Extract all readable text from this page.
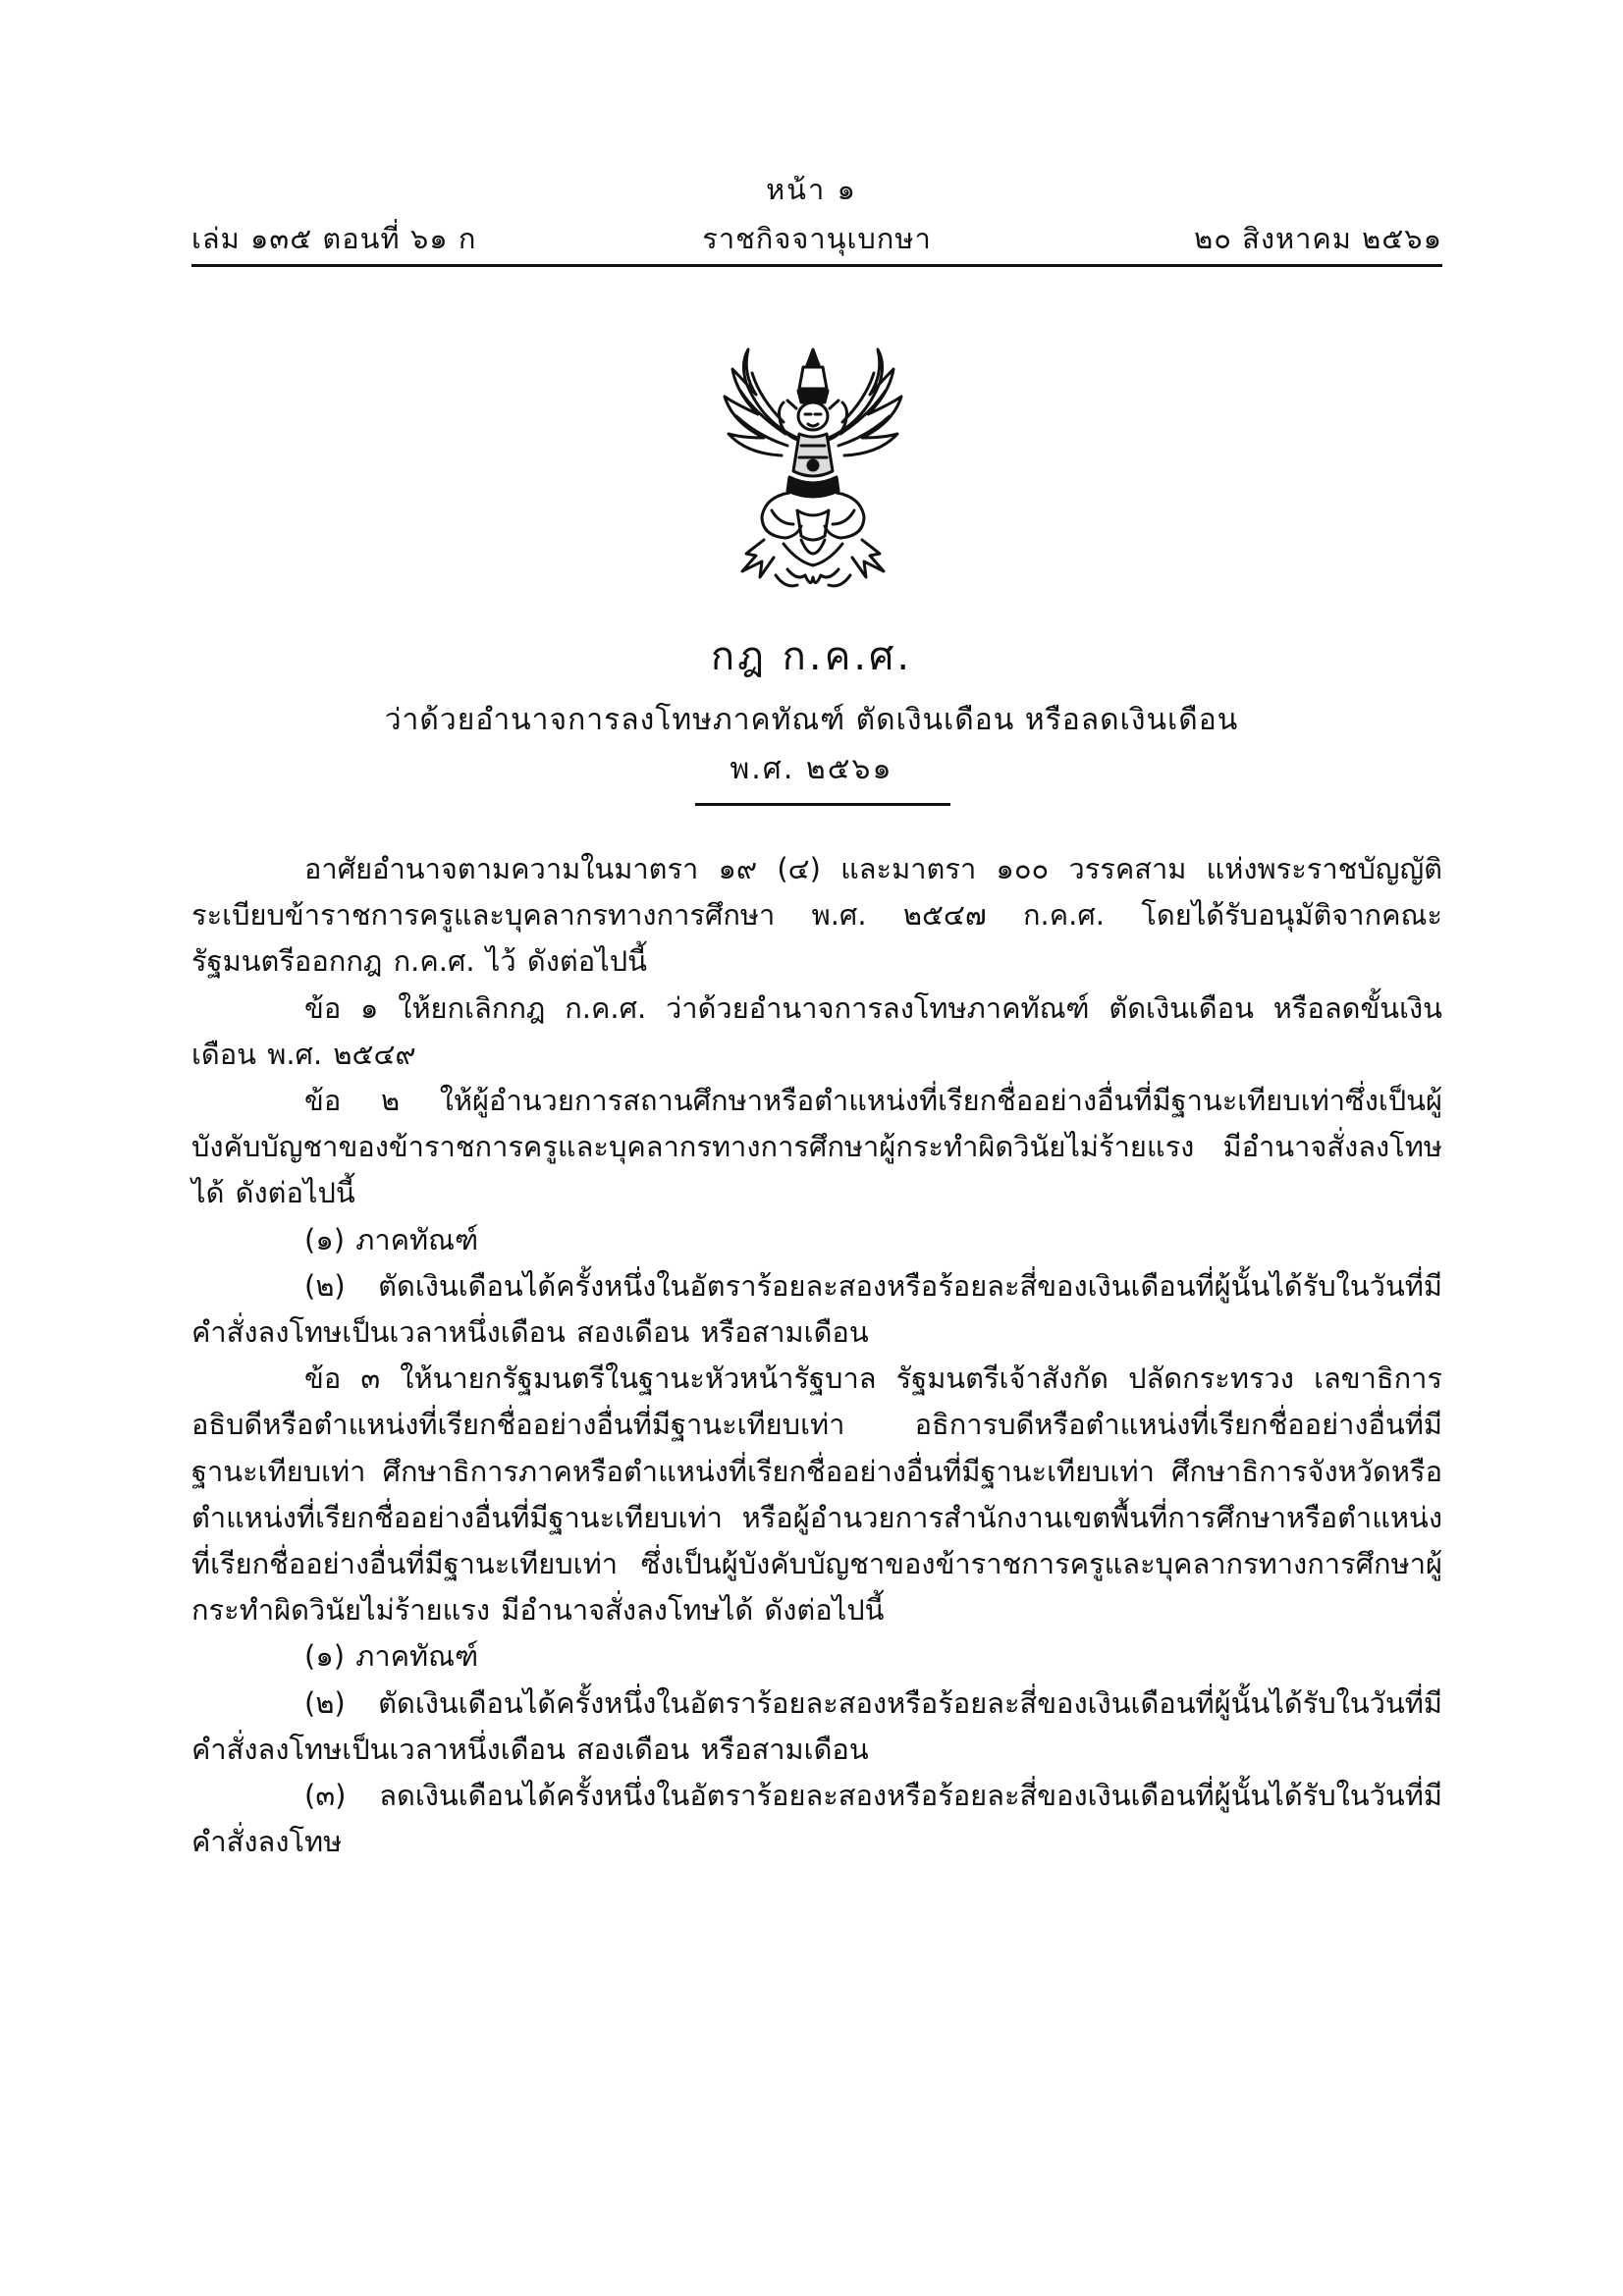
หน้า ๑
เล่ม ๑๓๕ ตอนที่ ๖๑ ก	ราชกิจจานุเบกษา	๒๐ สิงหาคม ๒๕๖๑
กฎ ก.ค.ศ.
ว่าด้วยอำนาจการลงโทษภาคทัณฑ์ ตัดเงินเดือน หรือลดเงินเดือน
พ.ศ. ๒๕๖๑

อาศัยอำนาจตามความในมาตรา ๑๙ (๔) และมาตรา ๑๐๐ วรรคสาม แห่งพระราชบัญญัติระเบียบข้าราชการครูและบุคลากรทางการศึกษา พ.ศ. ๒๕๔๗ ก.ค.ศ. โดยได้รับอนุมัติจากคณะรัฐมนตรีออกกฎ ก.ค.ศ. ไว้ ดังต่อไปนี้

ข้อ ๑ ให้ยกเลิกกฎ ก.ค.ศ. ว่าด้วยอำนาจการลงโทษภาคทัณฑ์ ตัดเงินเดือน หรือลดขั้นเงินเดือน พ.ศ. ๒๕๔๙

ข้อ ๒ ให้ผู้อำนวยการสถานศึกษาหรือตำแหน่งที่เรียกชื่ออย่างอื่นที่มีฐานะเทียบเท่าซึ่งเป็นผู้บังคับบัญชาของข้าราชการครูและบุคลากรทางการศึกษาผู้กระทำผิดวินัยไม่ร้ายแรง มีอำนาจสั่งลงโทษได้ ดังต่อไปนี้

(๑) ภาคทัณฑ์

(๒) ตัดเงินเดือนได้ครั้งหนึ่งในอัตราร้อยละสองหรือร้อยละสี่ของเงินเดือนที่ผู้นั้นได้รับในวันที่มีคำสั่งลงโทษเป็นเวลาหนึ่งเดือน สองเดือน หรือสามเดือน

ข้อ ๓ ให้นายกรัฐมนตรีในฐานะหัวหน้ารัฐบาล รัฐมนตรีเจ้าสังกัด ปลัดกระทรวง เลขาธิการ อธิบดีหรือตำแหน่งที่เรียกชื่ออย่างอื่นที่มีฐานะเทียบเท่า อธิการบดีหรือตำแหน่งที่เรียกชื่ออย่างอื่นที่มีฐานะเทียบเท่า ศึกษาธิการภาคหรือตำแหน่งที่เรียกชื่ออย่างอื่นที่มีฐานะเทียบเท่า ศึกษาธิการจังหวัดหรือตำแหน่งที่เรียกชื่ออย่างอื่นที่มีฐานะเทียบเท่า หรือผู้อำนวยการสำนักงานเขตพื้นที่การศึกษาหรือตำแหน่งที่เรียกชื่ออย่างอื่นที่มีฐานะเทียบเท่า ซึ่งเป็นผู้บังคับบัญชาของข้าราชการครูและบุคลากรทางการศึกษาผู้กระทำผิดวินัยไม่ร้ายแรง มีอำนาจสั่งลงโทษได้ ดังต่อไปนี้

(๑) ภาคทัณฑ์

(๒) ตัดเงินเดือนได้ครั้งหนึ่งในอัตราร้อยละสองหรือร้อยละสี่ของเงินเดือนที่ผู้นั้นได้รับในวันที่มีคำสั่งลงโทษเป็นเวลาหนึ่งเดือน สองเดือน หรือสามเดือน

(๓) ลดเงินเดือนได้ครั้งหนึ่งในอัตราร้อยละสองหรือร้อยละสี่ของเงินเดือนที่ผู้นั้นได้รับในวันที่มีคำสั่งลงโทษ
